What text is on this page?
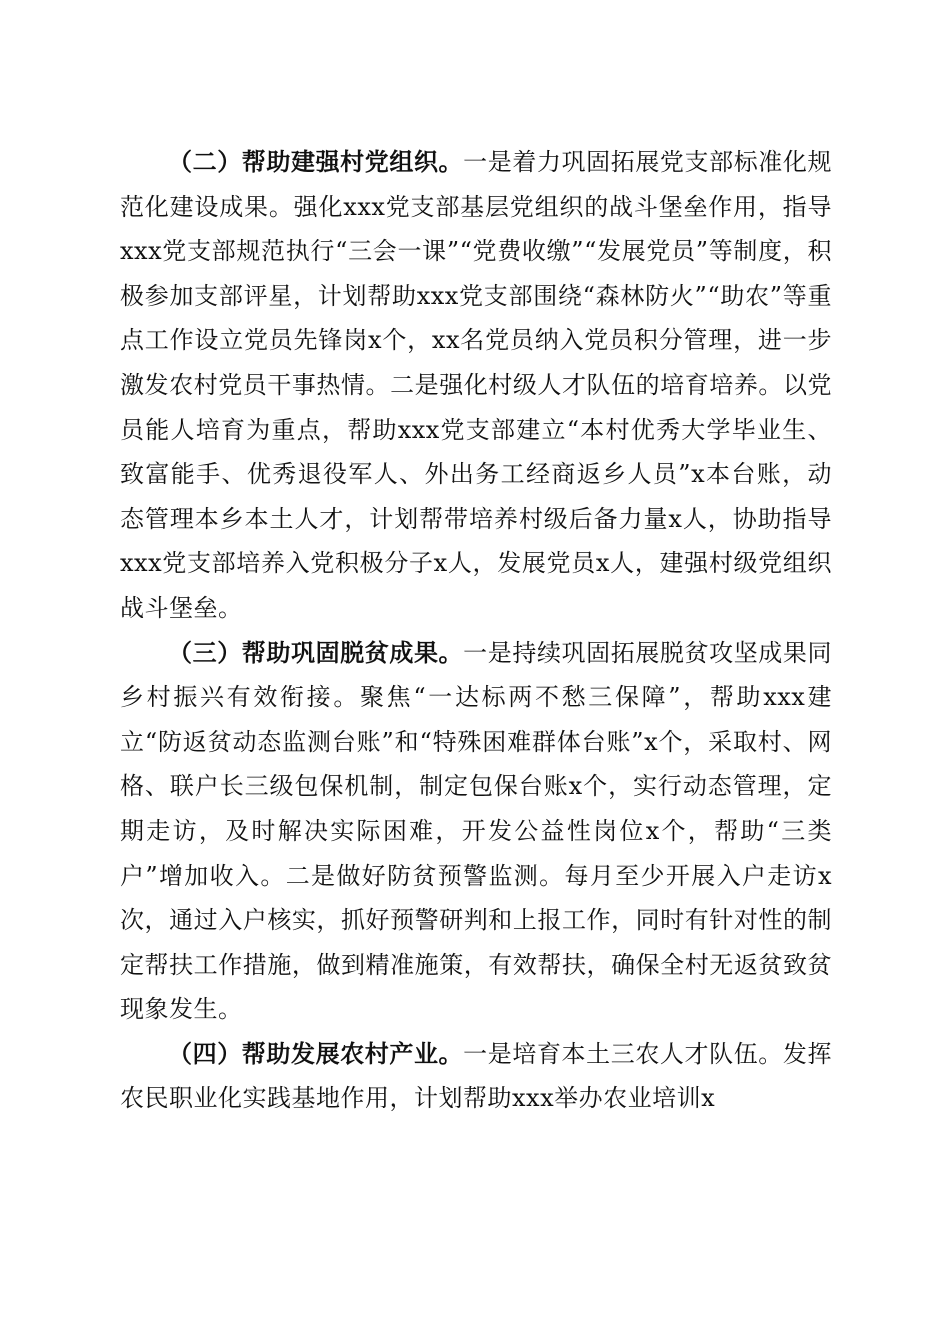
（二）帮助建强村党组织。一是着力巩固拓展党支部标准化规范化建设成果。强化xxx党支部基层党组织的战斗堡垒作用，指导xxx党支部规范执行“三会一课”“党费收缴”“发展党员”等制度，积极参加支部评星，计划帮助xxx党支部围绕“森林防火”“助农”等重点工作设立党员先锋岗x个，xx名党员纳入党员积分管理，进一步激发农村党员干事热情。二是强化村级人才队伍的培育培养。以党员能人培育为重点，帮助xxx党支部建立“本村优秀大学毕业生、致富能手、优秀退役军人、外出务工经商返乡人员”x本台账，动态管理本乡本土人才，计划帮带培养村级后备力量x人，协助指导xxx党支部培养入党积极分子x人，发展党员x人，建强村级党组织战斗堡垒。

（三）帮助巩固脱贫成果。一是持续巩固拓展脱贫攻坚成果同乡村振兴有效衔接。聚焦“一达标两不愁三保障”，帮助xxx建立“防返贫动态监测台账”和“特殊困难群体台账”x个，采取村、网格、联户长三级包保机制，制定包保台账x个，实行动态管理，定期走访，及时解决实际困难，开发公益性岗位x个，帮助“三类户”增加收入。二是做好防贫预警监测。每月至少开展入户走访x次，通过入户核实，抓好预警研判和上报工作，同时有针对性的制定帮扶工作措施，做到精准施策，有效帮扶，确保全村无返贫致贫现象发生。

（四）帮助发展农村产业。一是培育本土三农人才队伍。发挥农民职业化实践基地作用，计划帮助xxx举办农业培训x
